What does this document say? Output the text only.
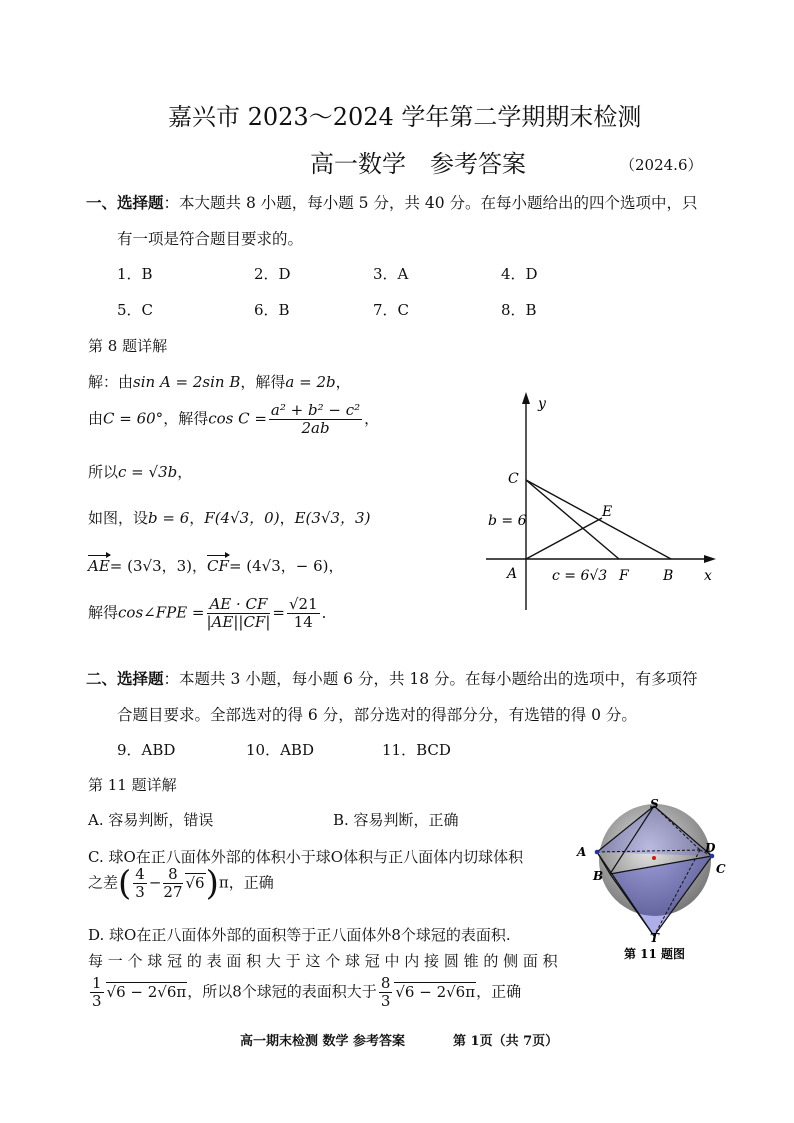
嘉兴市 2023～2024 学年第二学期期末检测
高一数学　参考答案	（2024.6）
一、选择题：本大题共 8 小题，每小题 5 分，共 40 分。在每小题给出的四个选项中，只
有一项是符合题目要求的。
1．B	2．D	3．A	4．D
5．C	6．B	7．C	8．B
第 8 题详解
解：由sin A = 2sin B，解得a = 2b，
由C = 60°，解得$\cos C = \frac{\text{a² + b² − c²}}{2ab}$ ，
所以c = √3b，
如图，设b = 6，F(4√3，0)，E(3√3，3)
AE= (3√3，3)，CF= (4√3，− 6)，
解得cos∠FPE = $\frac{AE \cdot CF}{|AE||CF|} = \frac{√21}{14}$ ．
y
x
C
E
A	F B
b = 6
c = 6√3
二、选择题：本题共 3 小题，每小题 6 分，共 18 分。在每小题给出的选项中，有多项符
合题目要求。全部选对的得 6 分，部分选对的得部分分，有选错的得 0 分。
9．ABD	10．ABD	11．BCD
第 11 题详解
A. 容易判断，错误	B. 容易判断，正确
C. 球O在正八面体外部的体积小于球O体积与正八面体内切球体积
之差( $\frac{4}{3} - \frac{8}{27} √6)\pi$，正确
D. 球O在正八面体外部的面积等于正八面体外8个球冠的表面积.
每 一 个 球 冠 的 表 面 积 大 于 这 个 球 冠 中 内 接 圆 锥 的 侧 面 积
$\frac{1}{3} √6 - 2√6\pi$，所以8个球冠的表面积大于 $\frac{8}{3} √6 - 2√6\pi$，正确
S
A
B	C
D
T
第 11 题图
高一期末检测 数学 参考答案	第 1页（共 7页）
